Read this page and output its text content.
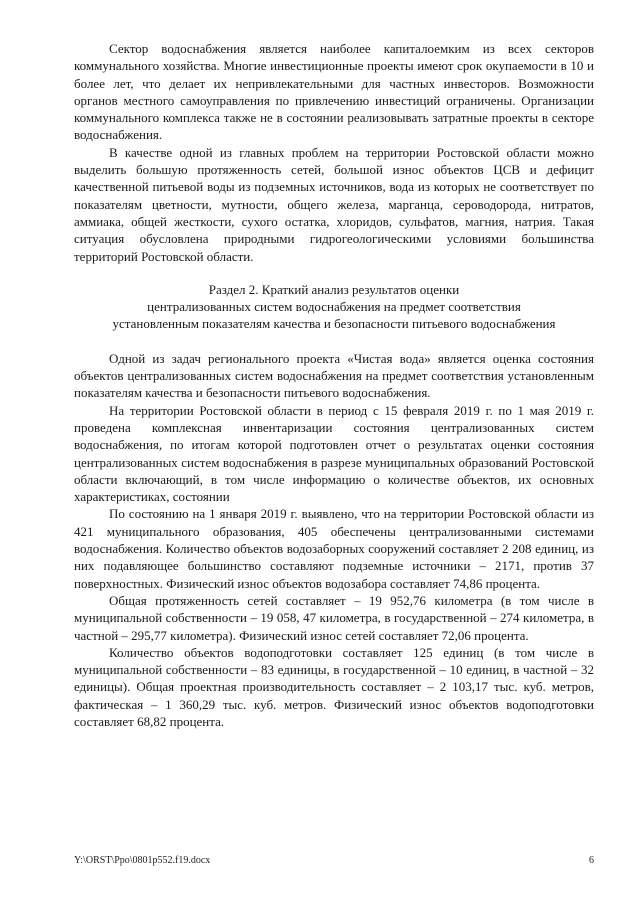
Сектор водоснабжения является наиболее капиталоемким из всех секторов коммунального хозяйства. Многие инвестиционные проекты имеют срок окупаемости в 10 и более лет, что делает их непривлекательными для частных инвесторов. Возможности органов местного самоуправления по привлечению инвестиций ограничены. Организации коммунального комплекса также не в состоянии реализовывать затратные проекты в секторе водоснабжения.

В качестве одной из главных проблем на территории Ростовской области можно выделить большую протяженность сетей, большой износ объектов ЦСВ и дефицит качественной питьевой воды из подземных источников, вода из которых не соответствует по показателям цветности, мутности, общего железа, марганца, сероводорода, нитратов, аммиака, общей жесткости, сухого остатка, хлоридов, сульфатов, магния, натрия. Такая ситуация обусловлена природными гидрогеологическими условиями большинства территорий Ростовской области.

Раздел 2. Краткий анализ результатов оценки
централизованных систем водоснабжения на предмет соответствия
установленным показателям качества и безопасности питьевого водоснабжения

Одной из задач регионального проекта «Чистая вода» является оценка состояния объектов централизованных систем водоснабжения на предмет соответствия установленным показателям качества и безопасности питьевого водоснабжения.

На территории Ростовской области в период с 15 февраля 2019 г. по 1 мая 2019 г. проведена комплексная инвентаризации состояния централизованных систем водоснабжения, по итогам которой подготовлен отчет о результатах оценки состояния централизованных систем водоснабжения в разрезе муниципальных образований Ростовской области включающий, в том числе информацию о количестве объектов, их основных характеристиках, состоянии

По состоянию на 1 января 2019 г. выявлено, что на территории Ростовской области из 421 муниципального образования, 405 обеспечены централизованными системами водоснабжения. Количество объектов водозаборных сооружений составляет 2 208 единиц, из них подавляющее большинство составляют подземные источники – 2171, против 37 поверхностных. Физический износ объектов водозабора составляет 74,86 процента.

Общая протяженность сетей составляет – 19 952,76 километра (в том числе в муниципальной собственности – 19 058, 47 километра, в государственной – 274 километра, в частной – 295,77 километра). Физический износ сетей составляет 72,06 процента.

Количество объектов водоподготовки составляет 125 единиц (в том числе в муниципальной собственности – 83 единицы, в государственной – 10 единиц, в частной – 32 единицы). Общая проектная производительность составляет – 2 103,17 тыс. куб. метров, фактическая – 1 360,29 тыс. куб. метров. Физический износ объектов водоподготовки составляет 68,82 процента.

Y:\ORST\Ppo\0801p552.f19.docx	6
